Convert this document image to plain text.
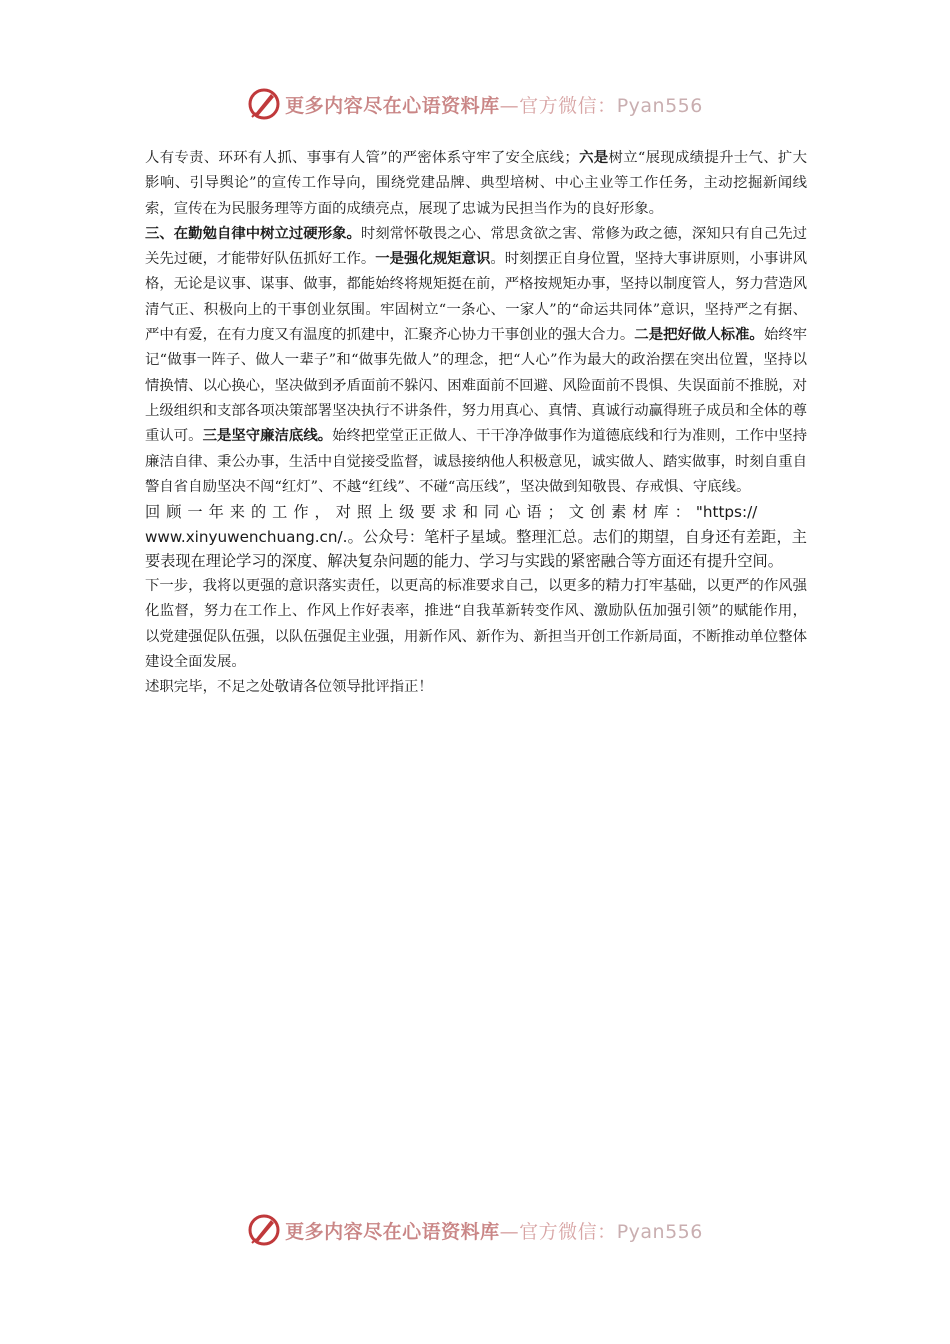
更多内容尽在心语资料库—官方微信：Pyan556

人有专责、环环有人抓、事事有人管”的严密体系守牢了安全底线；六是树立“展现成绩提升士气、扩大影响、引导舆论”的宣传工作导向，围绕党建品牌、典型培树、中心主业等工作任务，主动挖掘新闻线索，宣传在为民服务理等方面的成绩亮点，展现了忠诚为民担当作为的良好形象。

三、在勤勉自律中树立过硬形象。时刻常怀敬畏之心、常思贪欲之害、常修为政之德，深知只有自己先过关先过硬，才能带好队伍抓好工作。一是强化规矩意识。时刻摆正自身位置，坚持大事讲原则，小事讲风格，无论是议事、谋事、做事，都能始终将规矩挺在前，严格按规矩办事，坚持以制度管人，努力营造风清气正、积极向上的干事创业氛围。牢固树立“一条心、一家人”的“命运共同体”意识，坚持严之有据、严中有爱，在有力度又有温度的抓建中，汇聚齐心协力干事创业的强大合力。二是把好做人标准。始终牢记“做事一阵子、做人一辈子”和“做事先做人”的理念，把“人心”作为最大的政治摆在突出位置，坚持以情换情、以心换心，坚决做到矛盾面前不躲闪、困难面前不回避、风险面前不畏惧、失误面前不推脱，对上级组织和支部各项决策部署坚决执行不讲条件，努力用真心、真情、真诚行动赢得班子成员和全体的尊重认可。三是坚守廉洁底线。始终把堂堂正正做人、干干净净做事作为道德底线和行为准则，工作中坚持廉洁自律、秉公办事，生活中自觉接受监督，诚恳接纳他人积极意见，诚实做人、踏实做事，时刻自重自警自省自励坚决不闯“红灯”、不越“红线”、不碰“高压线”，坚决做到知敬畏、存戒惧、守底线。

回顾一年来的工作，对照上级要求和同心语；文创素材库："https://
www.xinyuwenchuang.cn/.。公众号：笔杆子星域。整理汇总。志们的期望，自身还有差距，主要表现在理论学习的深度、解决复杂问题的能力、学习与实践的紧密融合等方面还有提升空间。

下一步，我将以更强的意识落实责任，以更高的标准要求自己，以更多的精力打牢基础，以更严的作风强化监督，努力在工作上、作风上作好表率，推进“自我革新转变作风、激励队伍加强引领”的赋能作用，以党建强促队伍强，以队伍强促主业强，用新作风、新作为、新担当开创工作新局面，不断推动单位整体建设全面发展。

述职完毕，不足之处敬请各位领导批评指正！

更多内容尽在心语资料库—官方微信：Pyan556
